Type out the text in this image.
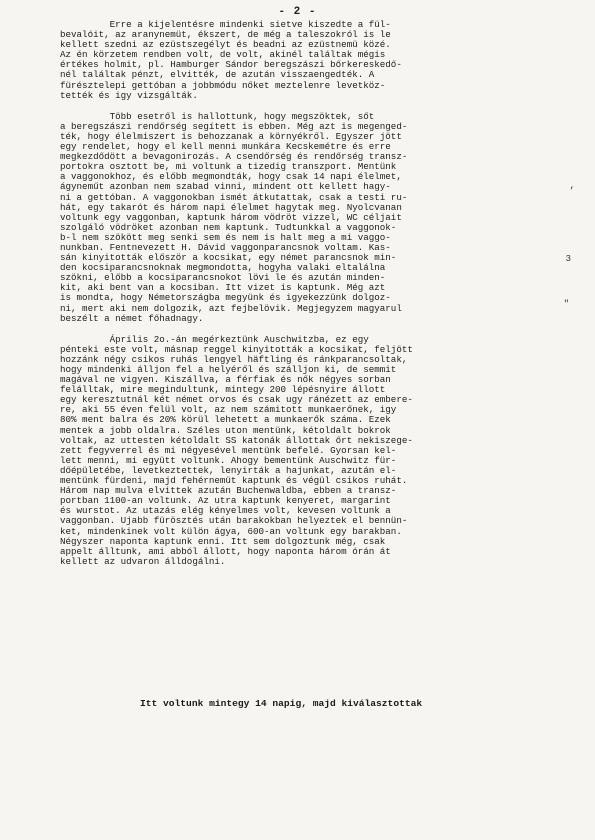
- 2 -
Erre a kijelentésre mindenki sietve kiszedte a fül-
bevalóit, az aranynemüt, ékszert, de még a taleszokról is le
kellett szedni az ezüstszegélyt és beadni az ezüstnemü közé.
Az én körzetem rendben volt, de volt, akinél találtak mégis
értékes holmit, pl. Hamburger Sándor beregszászi bőrkereskedő-
nél találtak pénzt, elvitték, de azután visszaengedték. A
fürésztelepi gettóban a jobbmódu nőket meztelenre levetköz-
tették és igy vizsgálták.
Több esetről is hallottunk, hogy megszöktek, sőt
a beregszászi rendőrség segített is ebben. Még azt is megenged-
ték, hogy élelmiszert is behozzanak a környékről. Egyszer jött
egy rendelet, hogy el kell menni munkára Kecskemétre és erre
megkezdődött a bevagonirozás. A csendőrség és rendőrség transz-
portokra osztott be, mi voltunk a tizedig transzport. Mentünk
a vaggonokhoz, és előbb megmondták, hogy csak 14 napi élelmet,
ágyneműt azonban nem szabad vinni, mindent ott kellett hagy-
ni a gettóban. A vaggonokban ismét átkutattak, csak a testi ru-
hát, egy takarót és három napi élelmet hagytak meg. Nyolcvanan
voltunk egy vaggonban, kaptunk három vödröt vizzel, WC céljait
szolgáló vödröket azonban nem kaptunk. Tudtunkkal a vaggonok-
b-l nem szökött meg senki sem és nem is halt meg a mi vaggo-
nunkban. Fentnevezett H. Dávid vaggonparancsnok voltam. Kas-
sán kinyitották először a kocsikat, egy német parancsnok min-
den kocsiparancsnoknak megmondotta, hogyha valaki eltalálna
szökni, előbb a kocsiparancsnokot lövi le és azután minden-
kit, aki bent van a kocsiban. Itt vizet is kaptunk. Még azt
is mondta, hogy Németországba megyünk és igyekezzünk dolgoz-
ni, mert aki nem dolgozik, azt fejbelövik. Megjegyzem magyarul
beszélt a német főhadnagy.
Április 2o.-án megérkeztünk Auschwitzba, ez egy
pénteki este volt, másnap reggel kinyitották a kocsikat, feljött
hozzánk négy csikos ruhás lengyel häftling és ránkparancsoltak,
hogy mindenki álljon fel a helyéről és szálljon ki, de semmit
magával ne vigyen. Kiszállva, a férfiak és nők négyes sorban
felálltak, mire megindultunk, mintegy 200 lépésnyire állott
egy keresztutnál két német orvos és csak ugy ránézett az embere-
re, aki 55 éven felül volt, az nem számitott munkaerőnek, igy
80% ment balra és 20% körül lehetett a munkaerők száma. Ezek
mentek a jobb oldalra. Széles uton mentünk, kétoldalt bokrok
voltak, az uttesten kétoldalt SS katonák állottak őrt nekiszege-
zett fegyverrel és mi négyesével mentünk befelé. Gyorsan kel-
lett menni, mi együtt voltunk. Ahogy bementünk Auschwitz für-
dőépületébe, levetkeztettek, lenyirták a hajunkat, azután el-
mentünk fürdeni, majd fehérnemüt kaptunk és végül csikos ruhát.
Három nap mulva elvittek azután Buchenwaldba, ebben a transz-
portban 1100-an voltunk. Az utra kaptunk kenyeret, margarint
és wurstot. Az utazás elég kényelmes volt, kevesen voltunk a
vaggonban. Ujabb fürösztés után barakokban helyeztek el bennün-
ket, mindenkinek volt külön ágya, 600-an voltunk egy barakban.
Négyszer naponta kaptunk enni. Itt sem dolgoztunk még, csak
appelt álltunk, ami abból állott, hogy naponta három órán át
kellett az udvaron álldogálni.
Itt voltunk mintegy 14 napig, majd kiválasztottak
,
3
"
